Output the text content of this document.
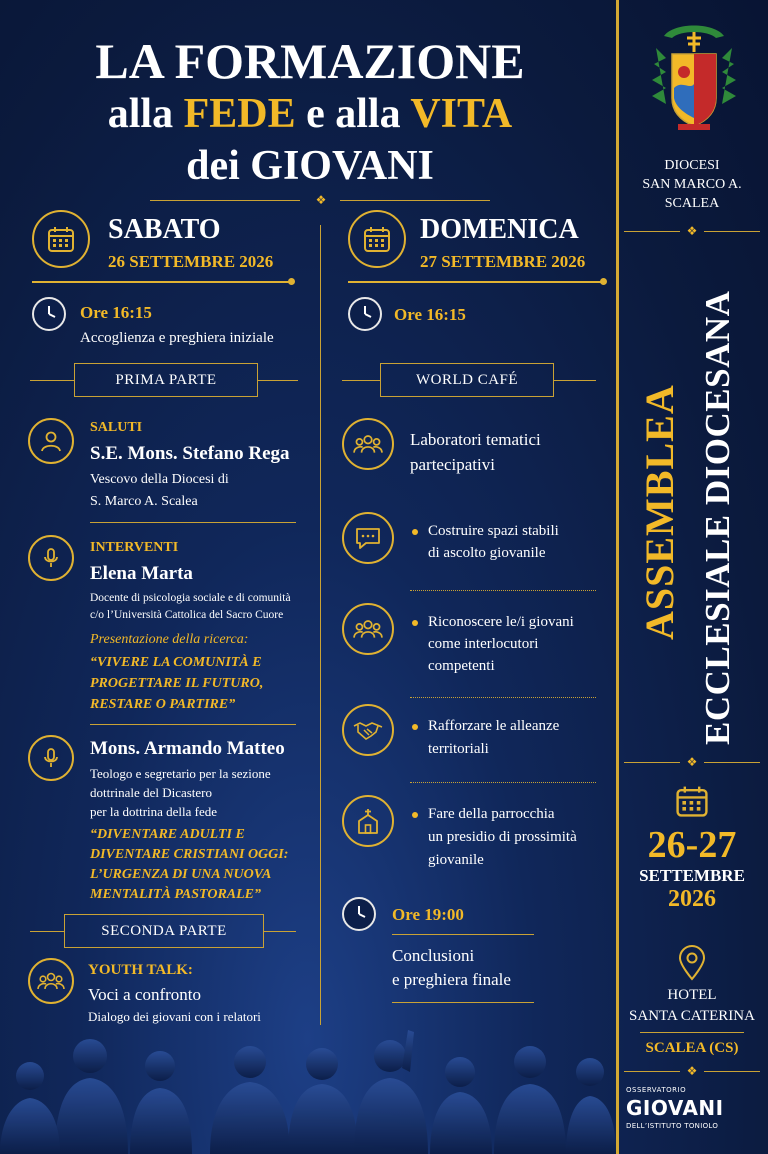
LA FORMAZIONE
alla FEDE e alla VITA
dei GIOVANI
❖
SABATO
26 SETTEMBRE 2026
Ore 16:15
Accoglienza e preghiera iniziale
PRIMA PARTE
SALUTI
S.E. Mons. Stefano Rega
Vescovo della Diocesi di
S. Marco A. Scalea
INTERVENTI
Elena Marta
Docente di psicologia sociale e di comunità
c/o l’Università Cattolica del Sacro Cuore
Presentazione della ricerca:
“VIVERE LA COMUNITÀ E
PROGETTARE IL FUTURO,
RESTARE O PARTIRE”
Mons. Armando Matteo
Teologo e segretario per la sezione
dottrinale del Dicastero
per la dottrina della fede
“DIVENTARE ADULTI E
DIVENTARE CRISTIANI OGGI:
L’URGENZA DI UNA NUOVA
MENTALITÀ PASTORALE”
SECONDA PARTE
YOUTH TALK:
Voci a confronto
Dialogo dei giovani con i relatori
DOMENICA
27 SETTEMBRE 2026
Ore 16:15
WORLD CAFÉ
Laboratori tematici
partecipativi
Costruire spazi stabili
di ascolto giovanile
Riconoscere le/i giovani
come interlocutori
competenti
Rafforzare le alleanze
territoriali
Fare della parrocchia
un presidio di prossimità
giovanile
Ore 19:00
Conclusioni
e preghiera finale
DIOCESI
SAN MARCO A.
SCALEA
❖
ASSEMBLEA ECCLESIALE DIOCESANA
❖
26-27
SETTEMBRE
2026
HOTEL
SANTA CATERINA
SCALEA (CS)
❖
OSSERVATORIO
GIOVANI
DELL’ISTITUTO TONIOLO
